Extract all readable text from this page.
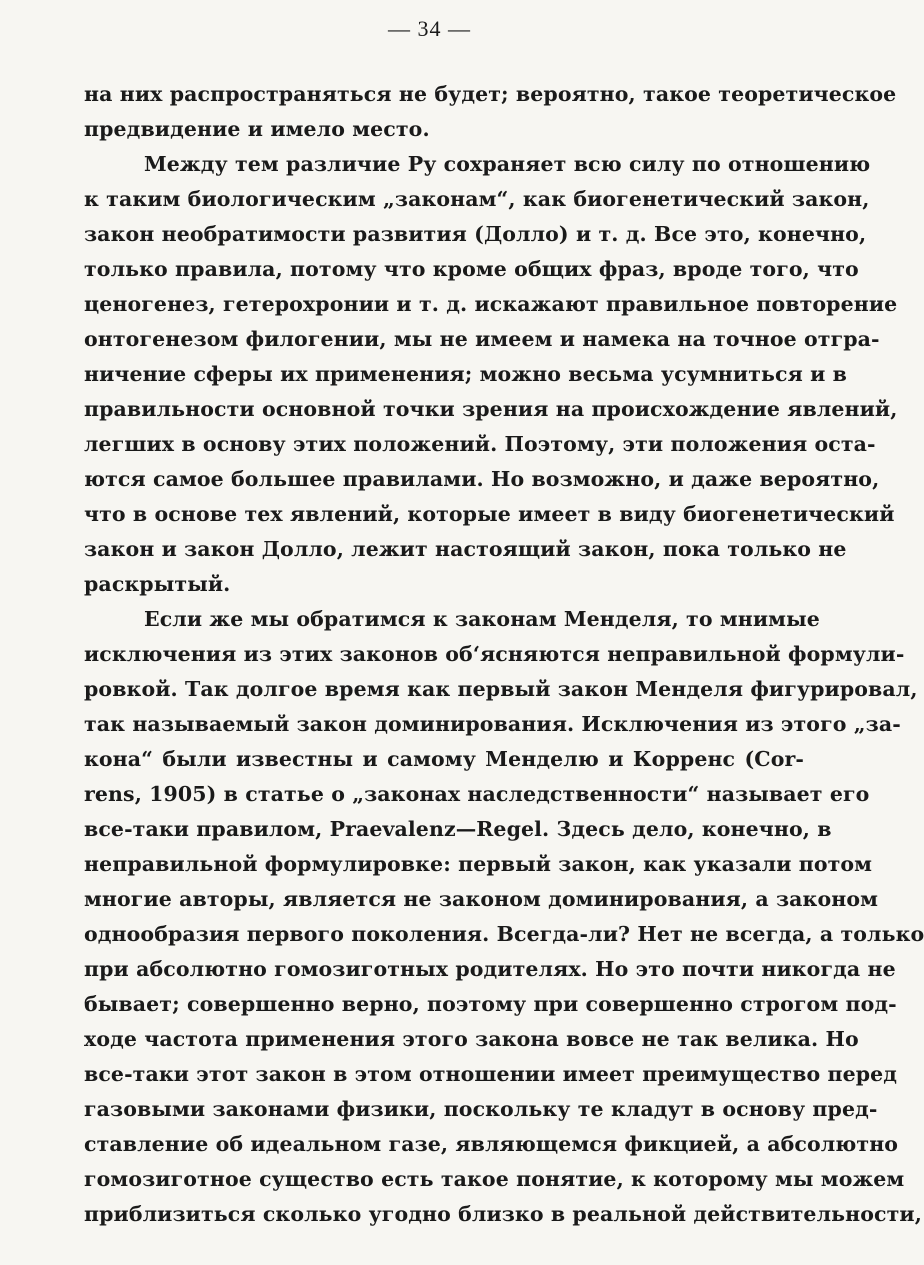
— 34 —
на них распространяться не будет; вероятно, такое теоретическое
предвидение и имело место.
Между тем различие Ру сохраняет всю силу по отношению
к таким биологическим „законам“, как биогенетический закон,
закон необратимости развития (Долло) и т. д. Все это, конечно,
только правила, потому что кроме общих фраз, вроде того, что
ценогенез, гетерохронии и т. д. искажают правильное повторение
онтогенезом филогении, мы не имеем и намека на точное отгра-
ничение сферы их применения; можно весьма усумниться и в
правильности основной точки зрения на происхождение явлений,
легших в основу этих положений. Поэтому, эти положения оста-
ются самое большее правилами. Но возможно, и даже вероятно,
что в основе тех явлений, которые имеет в виду биогенетический
закон и закон Долло, лежит настоящий закон, пока только не
раскрытый.
Если же мы обратимся к законам Менделя, то мнимые
исключения из этих законов об‘ясняются неправильной формули-
ровкой. Так долгое время как первый закон Менделя фигурировал,
так называемый закон доминирования. Исключения из этого „за-
кона“ были известны и самому Менделю и Корренс (Cor-
rens, 1905) в статье о „законах наследственности“ называет его
все-таки правилом, Praevalenz—Regel. Здесь дело, конечно, в
неправильной формулировке: первый закон, как указали потом
многие авторы, является не законом доминирования, а законом
однообразия первого поколения. Всегда-ли? Нет не всегда, а только
при абсолютно гомозиготных родителях. Но это почти никогда не
бывает; совершенно верно, поэтому при совершенно строгом под-
ходе частота применения этого закона вовсе не так велика. Но
все-таки этот закон в этом отношении имеет преимущество перед
газовыми законами физики, поскольку те кладут в основу пред-
ставление об идеальном газе, являющемся фикцией, а абсолютно
гомозиготное существо есть такое понятие, к которому мы можем
приблизиться сколько угодно близко в реальной действительности,
